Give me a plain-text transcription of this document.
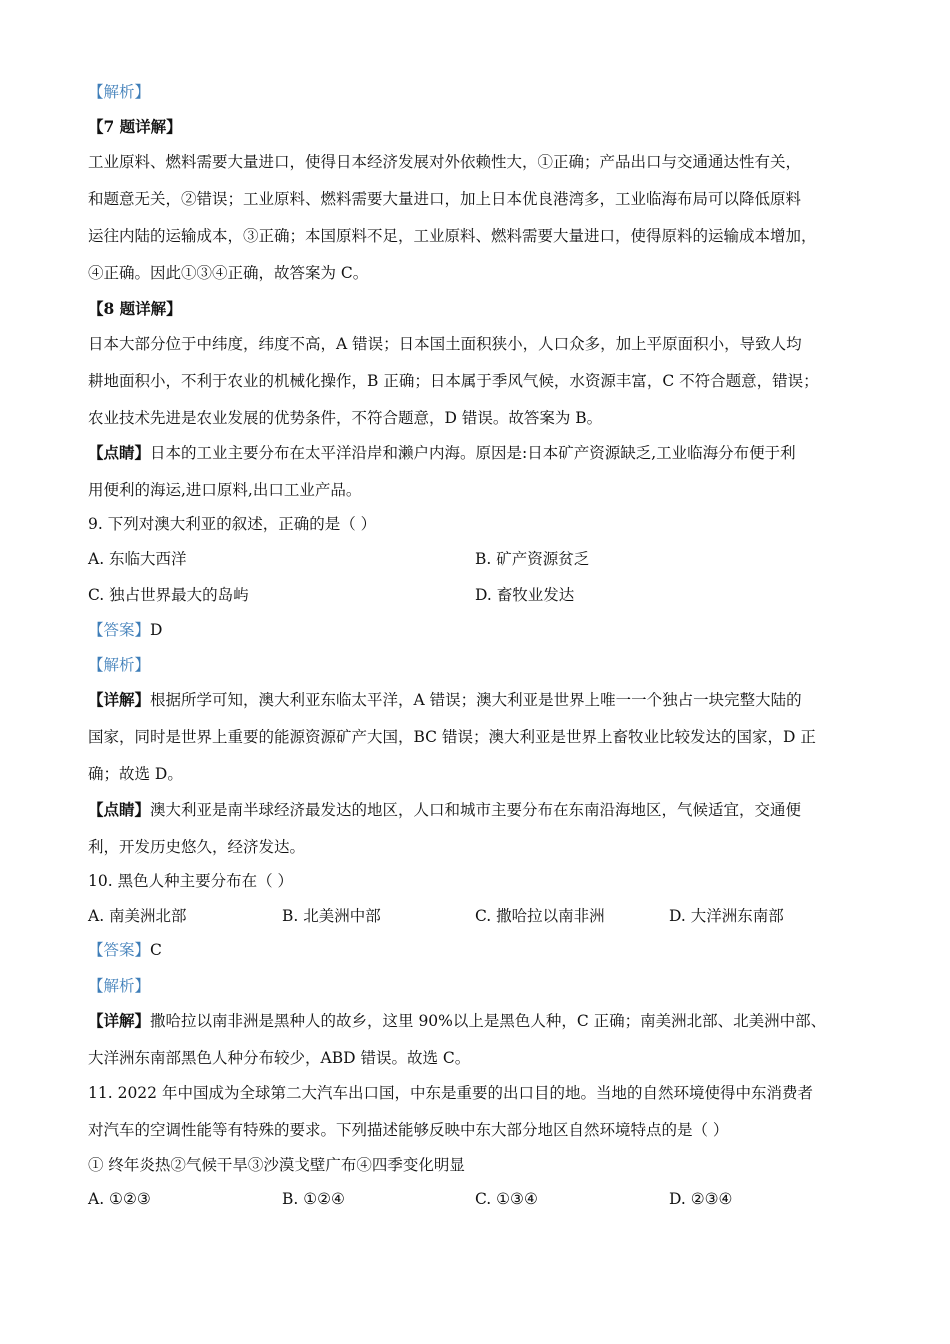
【解析】
【7 题详解】
工业原料、燃料需要大量进口，使得日本经济发展对外依赖性大，①正确；产品出口与交通通达性有关，
和题意无关，②错误；工业原料、燃料需要大量进口，加上日本优良港湾多，工业临海布局可以降低原料
运往内陆的运输成本，③正确；本国原料不足，工业原料、燃料需要大量进口，使得原料的运输成本增加，
④正确。因此①③④正确，故答案为 C。
【8 题详解】
日本大部分位于中纬度，纬度不高，A 错误；日本国土面积狭小，人口众多，加上平原面积小，导致人均
耕地面积小，不利于农业的机械化操作，B 正确；日本属于季风气候，水资源丰富，C 不符合题意，错误；
农业技术先进是农业发展的优势条件，不符合题意，D 错误。故答案为 B。
【点睛】日本的工业主要分布在太平洋沿岸和濑户内海。原因是:日本矿产资源缺乏,工业临海分布便于利
用便利的海运,进口原料,出口工业产品。
9. 下列对澳大利亚的叙述，正确的是（ ）
A. 东临大西洋	B. 矿产资源贫乏
C. 独占世界最大的岛屿	D. 畜牧业发达
【答案】D
【解析】
【详解】根据所学可知，澳大利亚东临太平洋，A 错误；澳大利亚是世界上唯一一个独占一块完整大陆的
国家，同时是世界上重要的能源资源矿产大国，BC 错误；澳大利亚是世界上畜牧业比较发达的国家，D 正
确；故选 D。
【点睛】澳大利亚是南半球经济最发达的地区，人口和城市主要分布在东南沿海地区，气候适宜，交通便
利，开发历史悠久，经济发达。
10. 黑色人种主要分布在（ ）
A. 南美洲北部	B. 北美洲中部	C. 撒哈拉以南非洲	D. 大洋洲东南部
【答案】C
【解析】
【详解】撒哈拉以南非洲是黑种人的故乡，这里 90%以上是黑色人种，C 正确；南美洲北部、北美洲中部、
大洋洲东南部黑色人种分布较少，ABD 错误。故选 C。
11. 2022 年中国成为全球第二大汽车出口国，中东是重要的出口目的地。当地的自然环境使得中东消费者
对汽车的空调性能等有特殊的要求。下列描述能够反映中东大部分地区自然环境特点的是（ ）
① 终年炎热②气候干旱③沙漠戈壁广布④四季变化明显
A. ①②③	B. ①②④	C. ①③④	D. ②③④
